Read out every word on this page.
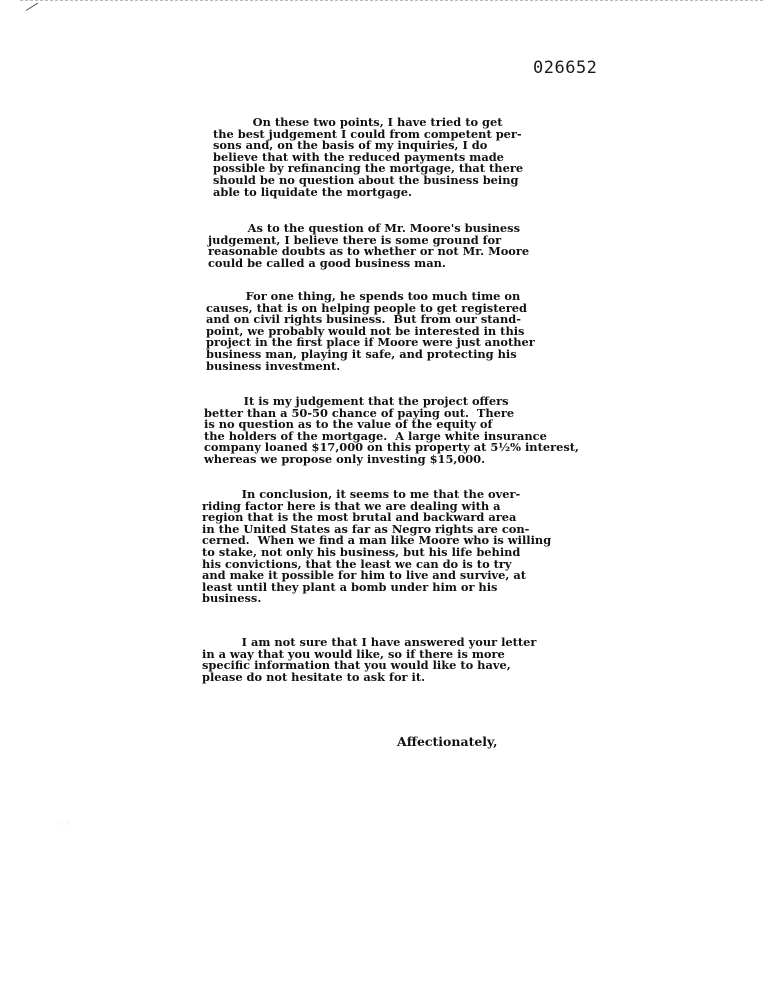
026652

On these two points, I have tried to get
the best judgement I could from competent per-
sons and, on the basis of my inquiries, I do
believe that with the reduced payments made
possible by refinancing the mortgage, that there
should be no question about the business being
able to liquidate the mortgage.

As to the question of Mr. Moore's business
judgement, I believe there is some ground for
reasonable doubts as to whether or not Mr. Moore
could be called a good business man.

For one thing, he spends too much time on
causes, that is on helping people to get registered
and on civil rights business.  But from our stand-
point, we probably would not be interested in this
project in the first place if Moore were just another
business man, playing it safe, and protecting his
business investment.

It is my judgement that the project offers
better than a 50-50 chance of paying out.  There
is no question as to the value of the equity of
the holders of the mortgage.  A large white insurance
company loaned $17,000 on this property at 5½% interest,
whereas we propose only investing $15,000.

In conclusion, it seems to me that the over-
riding factor here is that we are dealing with a
region that is the most brutal and backward area
in the United States as far as Negro rights are con-
cerned.  When we find a man like Moore who is willing
to stake, not only his business, but his life behind
his convictions, that the least we can do is to try
and make it possible for him to live and survive, at
least until they plant a bomb under him or his
business.

I am not sure that I have answered your letter
in a way that you would like, so if there is more
specific information that you would like to have,
please do not hesitate to ask for it.

Affectionately,
· ·
